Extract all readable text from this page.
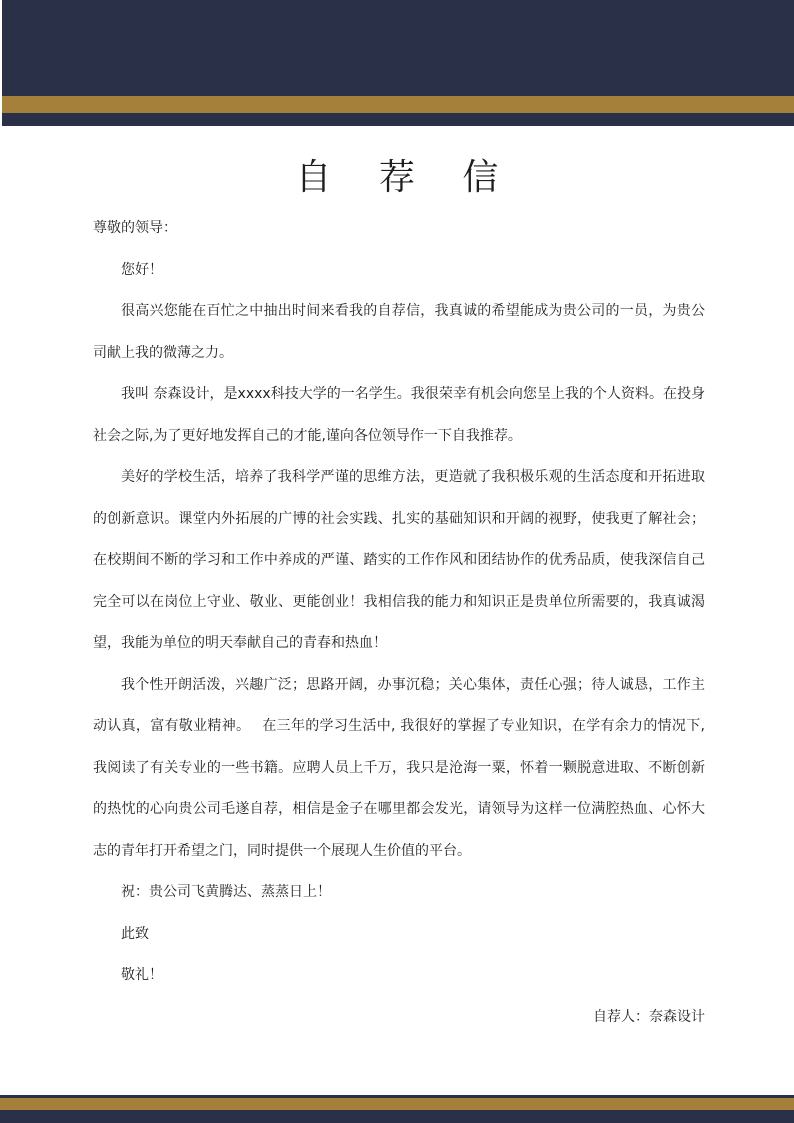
自 荐 信

尊敬的领导：

您好！

很高兴您能在百忙之中抽出时间来看我的自荐信，我真诚的希望能成为贵公司的一员，为贵公司献上我的微薄之力。

我叫 奈森设计，是xxxx科技大学的一名学生。我很荣幸有机会向您呈上我的个人资料。在投身社会之际,为了更好地发挥自己的才能,谨向各位领导作一下自我推荐。

美好的学校生活，培养了我科学严谨的思维方法，更造就了我积极乐观的生活态度和开拓进取的创新意识。课堂内外拓展的广博的社会实践、扎实的基础知识和开阔的视野，使我更了解社会；在校期间不断的学习和工作中养成的严谨、踏实的工作作风和团结协作的优秀品质，使我深信自己完全可以在岗位上守业、敬业、更能创业！我相信我的能力和知识正是贵单位所需要的，我真诚渴望，我能为单位的明天奉献自己的青春和热血！

我个性开朗活泼，兴趣广泛；思路开阔，办事沉稳；关心集体，责任心强；待人诚恳，工作主动认真，富有敬业精神。　 在三年的学习生活中, 我很好的掌握了专业知识，在学有余力的情况下,我阅读了有关专业的一些书籍。应聘人员上千万，我只是沧海一粟，怀着一颗脱意进取、不断创新的热忱的心向贵公司毛遂自荐，相信是金子在哪里都会发光，请领导为这样一位满腔热血、心怀大志的青年打开希望之门，同时提供一个展现人生价值的平台。

祝：贵公司飞黄腾达、蒸蒸日上！

此致

敬礼！

自荐人：奈森设计
